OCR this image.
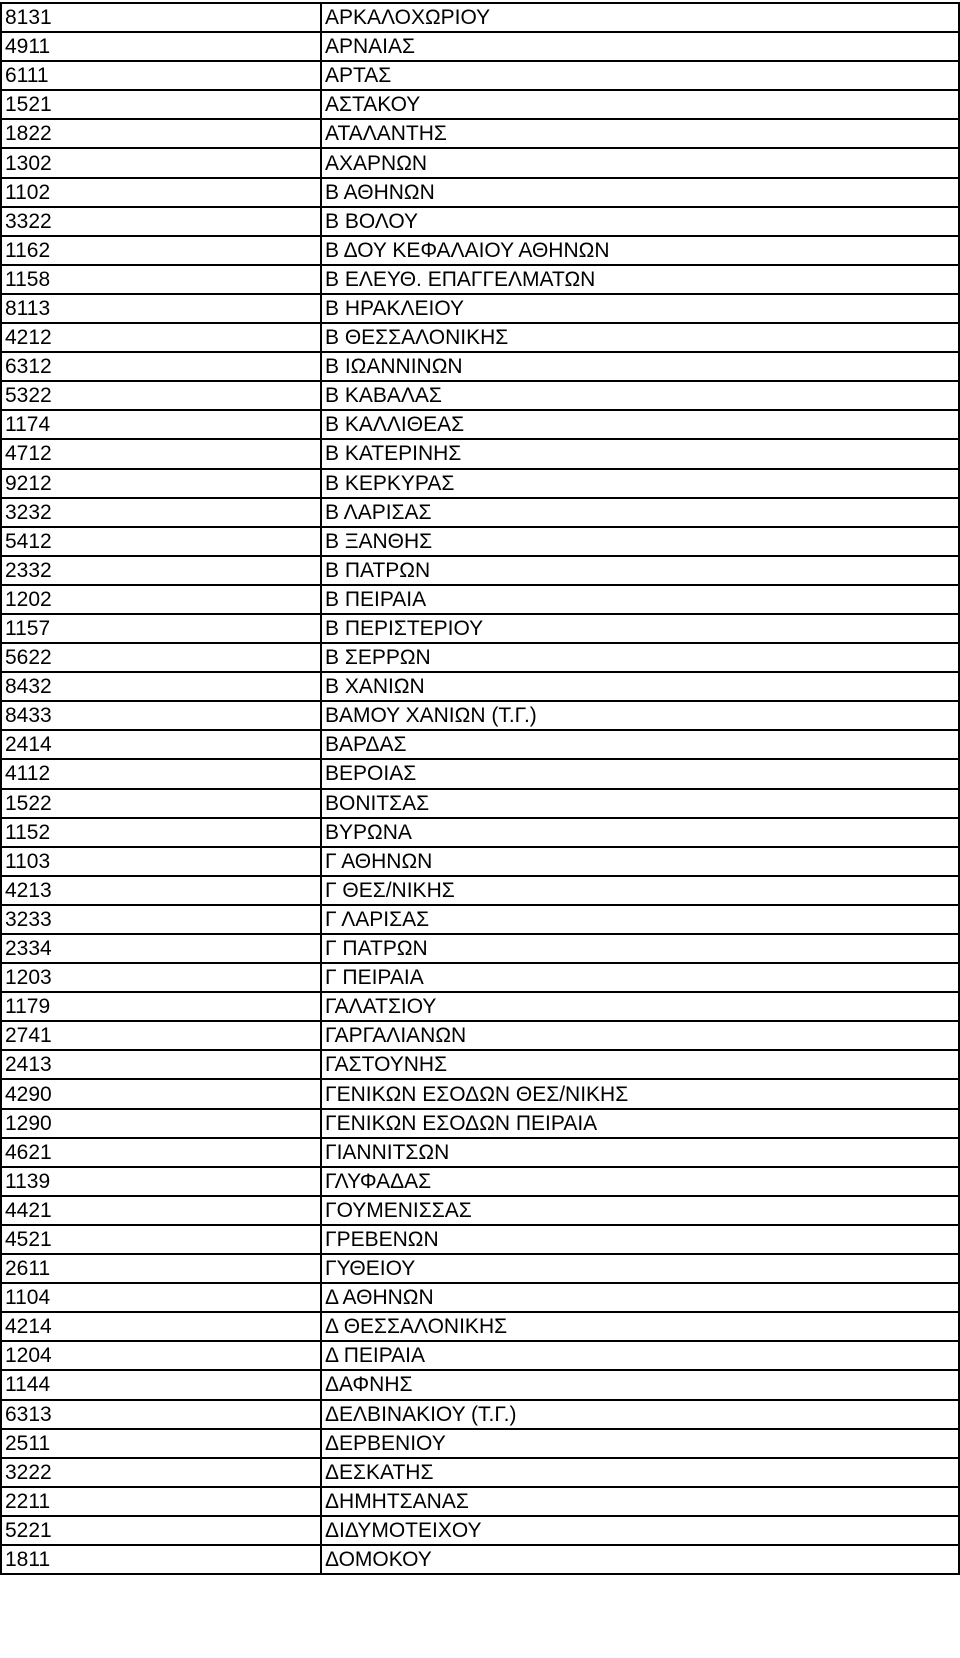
8131	ΑΡΚΑΛΟΧΩΡΙΟΥ
4911	ΑΡΝΑΙΑΣ
6111	ΑΡΤΑΣ
1521	ΑΣΤΑΚΟΥ
1822	ΑΤΑΛΑΝΤΗΣ
1302	ΑΧΑΡΝΩΝ
1102	Β ΑΘΗΝΩΝ
3322	Β ΒΟΛΟΥ
1162	Β ΔΟΥ ΚΕΦΑΛΑΙΟΥ ΑΘΗΝΩΝ
1158	Β ΕΛΕΥΘ. ΕΠΑΓΓΕΛΜΑΤΩΝ
8113	Β ΗΡΑΚΛΕΙΟΥ
4212	Β ΘΕΣΣΑΛΟΝΙΚΗΣ
6312	Β ΙΩΑΝΝΙΝΩΝ
5322	Β ΚΑΒΑΛΑΣ
1174	Β ΚΑΛΛΙΘΕΑΣ
4712	Β ΚΑΤΕΡΙΝΗΣ
9212	Β ΚΕΡΚΥΡΑΣ
3232	Β ΛΑΡΙΣΑΣ
5412	Β ΞΑΝΘΗΣ
2332	Β ΠΑΤΡΩΝ
1202	Β ΠΕΙΡΑΙΑ
1157	Β ΠΕΡΙΣΤΕΡΙΟΥ
5622	Β ΣΕΡΡΩΝ
8432	Β ΧΑΝΙΩΝ
8433	ΒΑΜΟΥ ΧΑΝΙΩΝ (Τ.Γ.)
2414	ΒΑΡΔΑΣ
4112	ΒΕΡΟΙΑΣ
1522	ΒΟΝΙΤΣΑΣ
1152	ΒΥΡΩΝΑ
1103	Γ ΑΘΗΝΩΝ
4213	Γ ΘΕΣ/ΝΙΚΗΣ
3233	Γ ΛΑΡΙΣΑΣ
2334	Γ ΠΑΤΡΩΝ
1203	Γ ΠΕΙΡΑΙΑ
1179	ΓΑΛΑΤΣΙΟΥ
2741	ΓΑΡΓΑΛΙΑΝΩΝ
2413	ΓΑΣΤΟΥΝΗΣ
4290	ΓΕΝΙΚΩΝ ΕΣΟΔΩΝ ΘΕΣ/ΝΙΚΗΣ
1290	ΓΕΝΙΚΩΝ ΕΣΟΔΩΝ ΠΕΙΡΑΙΑ
4621	ΓΙΑΝΝΙΤΣΩΝ
1139	ΓΛΥΦΑΔΑΣ
4421	ΓΟΥΜΕΝΙΣΣΑΣ
4521	ΓΡΕΒΕΝΩΝ
2611	ΓΥΘΕΙΟΥ
1104	Δ ΑΘΗΝΩΝ
4214	Δ ΘΕΣΣΑΛΟΝΙΚΗΣ
1204	Δ ΠΕΙΡΑΙΑ
1144	ΔΑΦΝΗΣ
6313	ΔΕΛΒΙΝΑΚΙΟΥ (Τ.Γ.)
2511	ΔΕΡΒΕΝΙΟΥ
3222	ΔΕΣΚΑΤΗΣ
2211	ΔΗΜΗΤΣΑΝΑΣ
5221	ΔΙΔΥΜΟΤΕΙΧΟΥ
1811	ΔΟΜΟΚΟΥ
